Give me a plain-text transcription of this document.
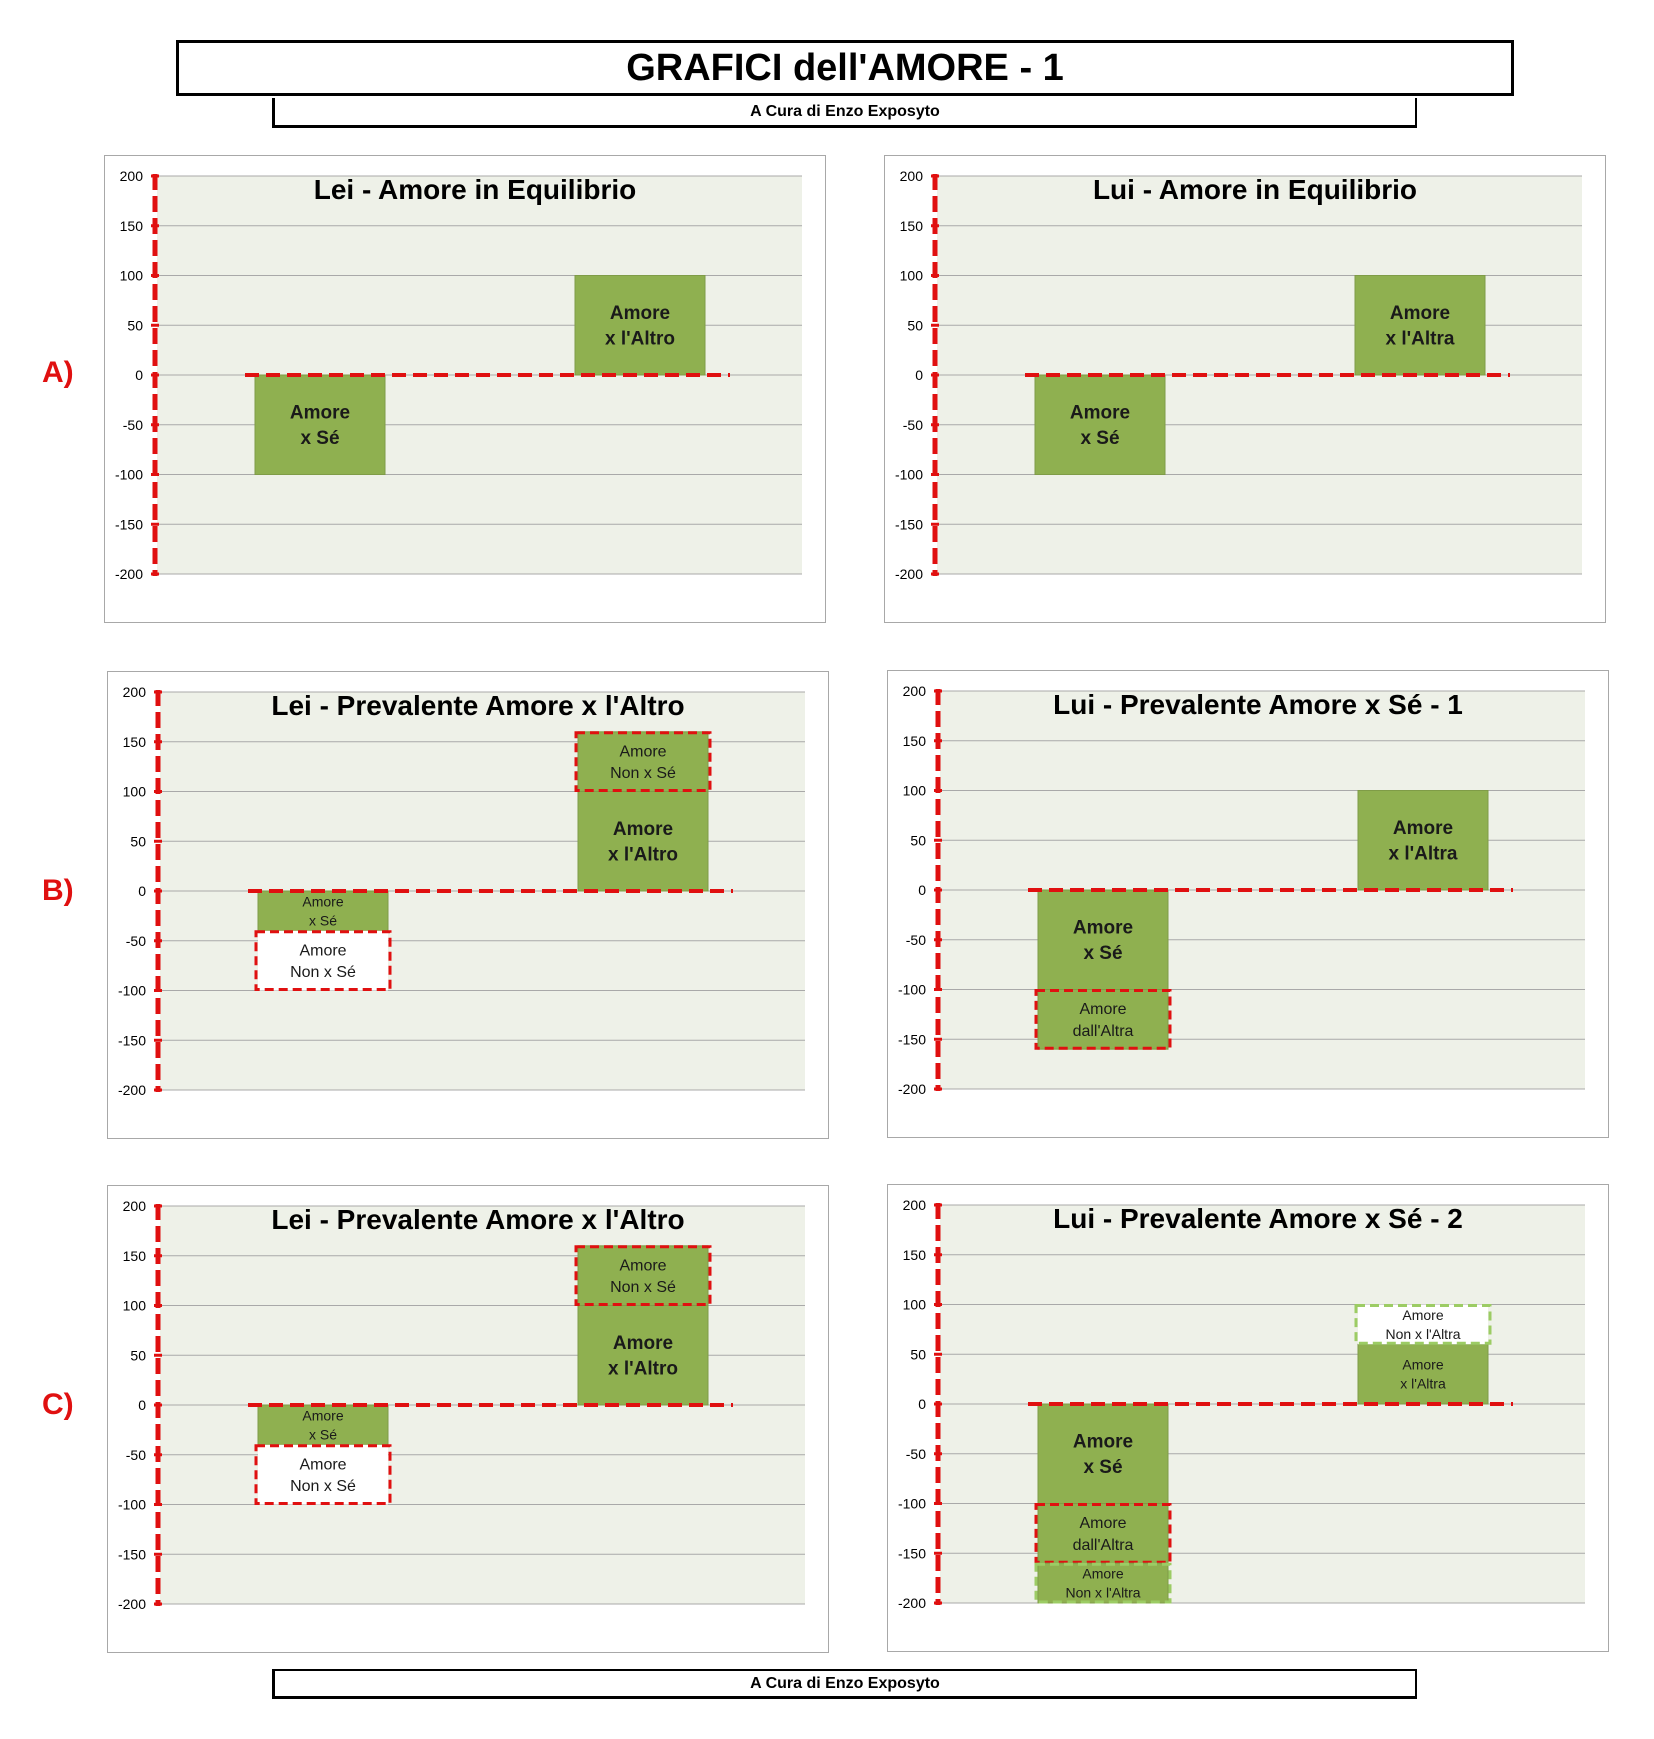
GRAFICI dell'AMORE - 1
A Cura di Enzo Exposyto
A)
B)
C)
200
150
100
50
0
-50
-100
-150
-200
Amore
x Sé
Amore
x l'Altro
Lei - Amore in Equilibrio	200
150
100
50
0
-50
-100
-150
-200
Amore
x Sé
Amore
x l'Altra
Lui - Amore in Equilibrio
200
150
100
50
0
-50
-100
-150
-200
Amore
x Sé
Amore
Non x Sé
Amore
x l'Altro
Amore
Non x Sé
Lei - Prevalente Amore x l'Altro	200
150
100
50
0
-50
-100
-150
-200
Amore
x Sé
Amore
dall'Altra
Amore
x l'Altra
Lui - Prevalente Amore x Sé - 1
200
150
100
50
0
-50
-100
-150
-200
Amore
x Sé
Amore
Non x Sé
Amore
x l'Altro
Amore
Non x Sé
Lei - Prevalente Amore x l'Altro	200
150
100
50
0
-50
-100
-150
-200
Amore
x Sé
Amore
dall'Altra
Amore
Non x l'Altra
Amore
x l'Altra
Amore
Non x l'Altra
Lui - Prevalente Amore x Sé - 2
A Cura di Enzo Exposyto
